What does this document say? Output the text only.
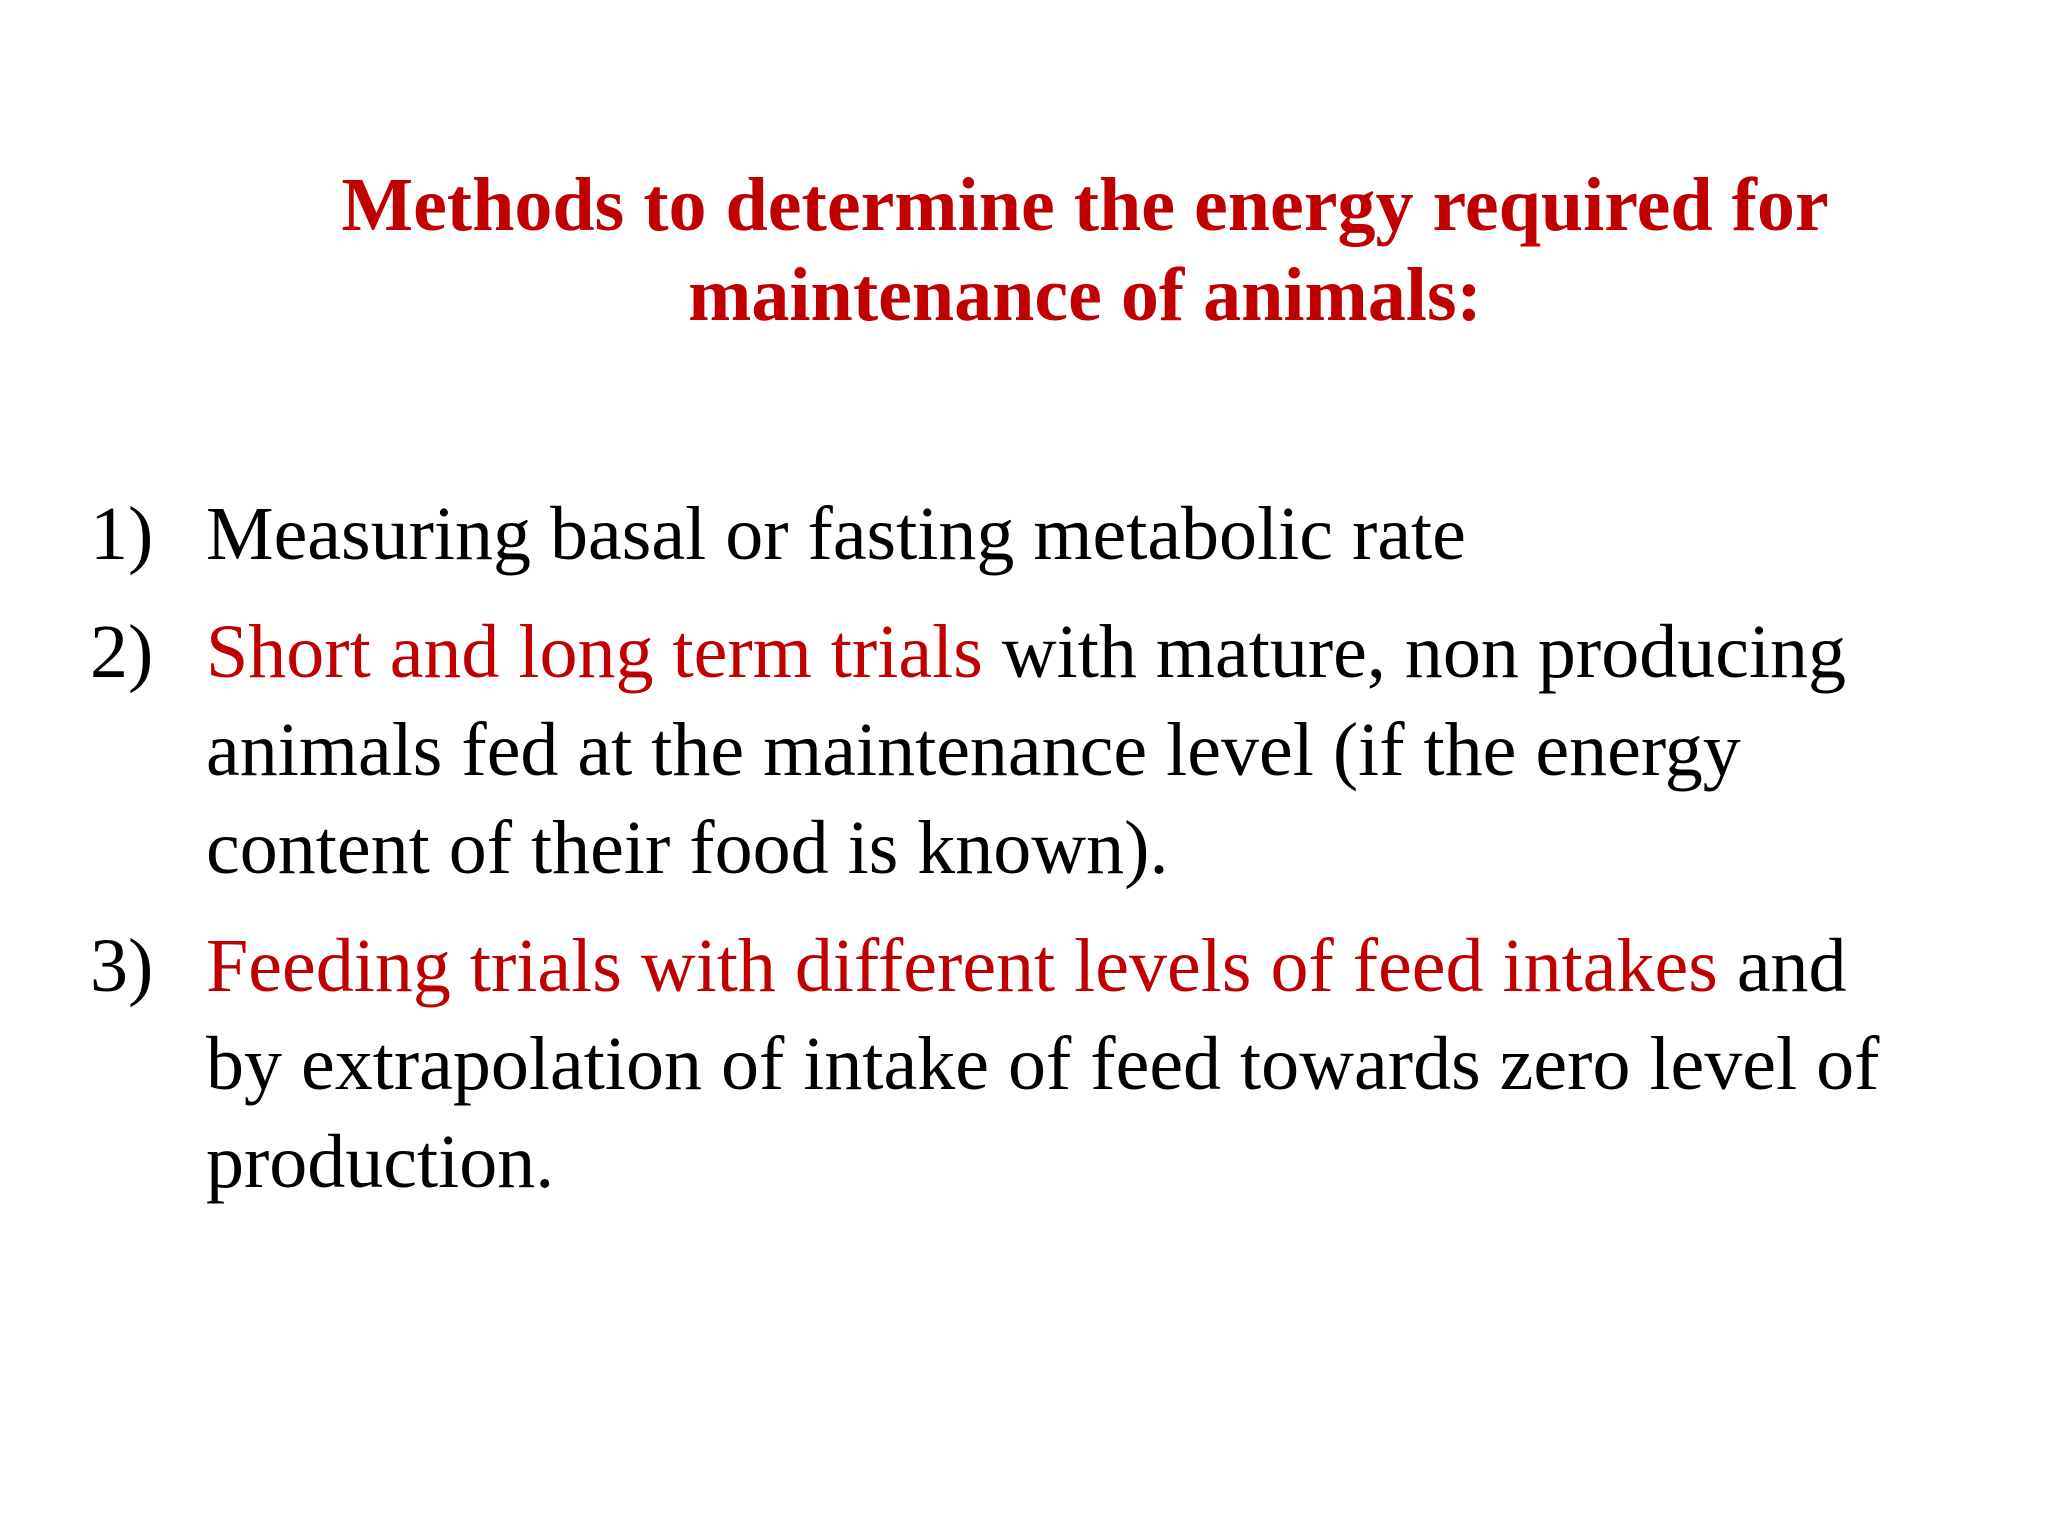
Methods to determine the energy required for
maintenance of animals:
1) Measuring basal or fasting metabolic rate
2) Short and long term trials with mature, non producing
animals fed at the maintenance level (if the energy
content of their food is known).
3) Feeding trials with different levels of feed intakes and
by extrapolation of intake of feed towards zero level of
production.
